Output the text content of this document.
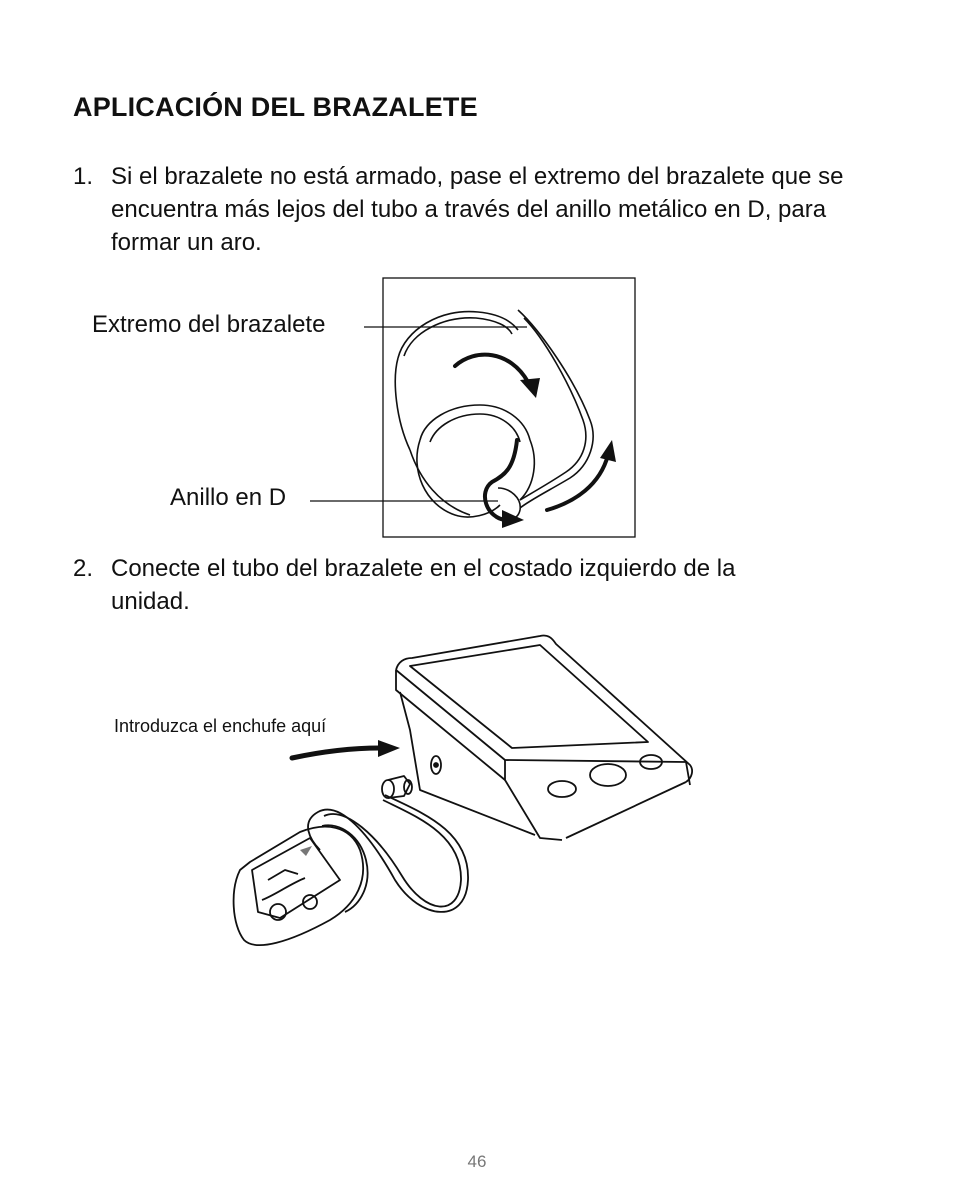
APLICACIÓN DEL BRAZALETE
1. Si el brazalete no está armado, pase el extremo del brazalete que se encuentra más lejos del tubo a través del anillo metálico en D, para formar un aro.
Extremo del brazalete
Anillo en D
2. Conecte el tubo del brazalete en el costado izquierdo de la unidad.
Introduzca el enchufe aquí
46
